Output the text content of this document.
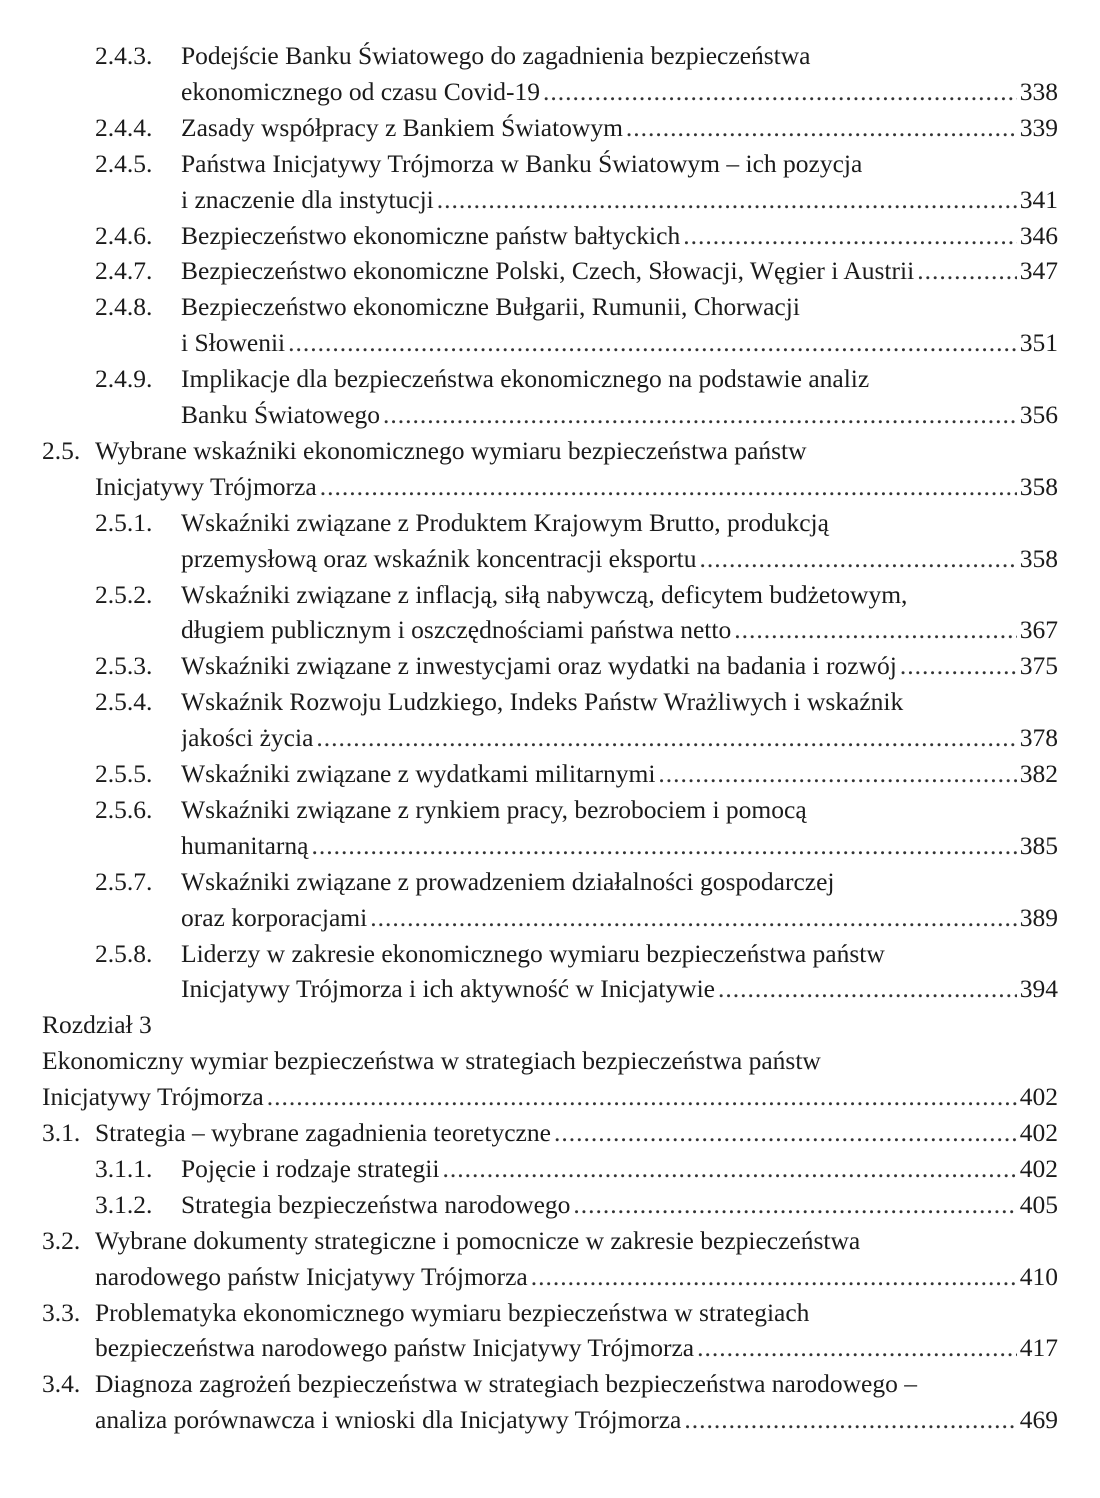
2.4.3. Podejście Banku Światowego do zagadnienia bezpieczeństwa
ekonomicznego od czasu Covid-19 .....	338
2.4.4. Zasady współpracy z Bankiem Światowym .....	339
2.4.5. Państwa Inicjatywy Trójmorza w Banku Światowym – ich pozycja
i znaczenie dla instytucji .....	341
2.4.6. Bezpieczeństwo ekonomiczne państw bałtyckich .....	346
2.4.7. Bezpieczeństwo ekonomiczne Polski, Czech, Słowacji, Węgier i Austrii .....	347
2.4.8. Bezpieczeństwo ekonomiczne Bułgarii, Rumunii, Chorwacji
i Słowenii .....	351
2.4.9. Implikacje dla bezpieczeństwa ekonomicznego na podstawie analiz
Banku Światowego .....	356
2.5. Wybrane wskaźniki ekonomicznego wymiaru bezpieczeństwa państw
Inicjatywy Trójmorza .....	358
2.5.1. Wskaźniki związane z Produktem Krajowym Brutto, produkcją
przemysłową oraz wskaźnik koncentracji eksportu .....	358
2.5.2. Wskaźniki związane z inflacją, siłą nabywczą, deficytem budżetowym,
długiem publicznym i oszczędnościami państwa netto .....	367
2.5.3. Wskaźniki związane z inwestycjami oraz wydatki na badania i rozwój .....	375
2.5.4. Wskaźnik Rozwoju Ludzkiego, Indeks Państw Wrażliwych i wskaźnik
jakości życia .....	378
2.5.5. Wskaźniki związane z wydatkami militarnymi .....	382
2.5.6. Wskaźniki związane z rynkiem pracy, bezrobociem i pomocą
humanitarną .....	385
2.5.7. Wskaźniki związane z prowadzeniem działalności gospodarczej
oraz korporacjami .....	389
2.5.8. Liderzy w zakresie ekonomicznego wymiaru bezpieczeństwa państw
Inicjatywy Trójmorza i ich aktywność w Inicjatywie .....	394
Rozdział 3
Ekonomiczny wymiar bezpieczeństwa w strategiach bezpieczeństwa państw
Inicjatywy Trójmorza .....	402
3.1. Strategia – wybrane zagadnienia teoretyczne .....	402
3.1.1. Pojęcie i rodzaje strategii .....	402
3.1.2. Strategia bezpieczeństwa narodowego .....	405
3.2. Wybrane dokumenty strategiczne i pomocnicze w zakresie bezpieczeństwa
narodowego państw Inicjatywy Trójmorza .....	410
3.3. Problematyka ekonomicznego wymiaru bezpieczeństwa w strategiach
bezpieczeństwa narodowego państw Inicjatywy Trójmorza .....	417
3.4. Diagnoza zagrożeń bezpieczeństwa w strategiach bezpieczeństwa narodowego –
analiza porównawcza i wnioski dla Inicjatywy Trójmorza .....	469
